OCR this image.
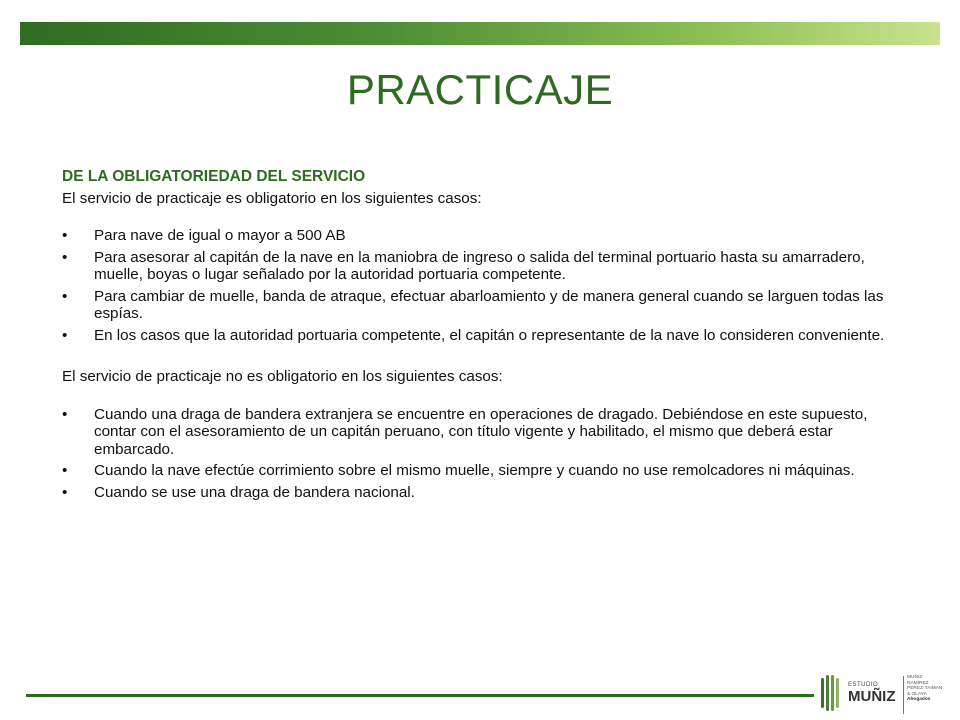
PRACTICAJE

DE LA OBLIGATORIEDAD DEL SERVICIO

El servicio de practicaje es obligatorio en los siguientes casos:

• Para nave de igual o mayor a 500 AB
• Para asesorar al capitán de la nave en la maniobra de ingreso o salida del terminal portuario hasta su amarradero, muelle, boyas o lugar señalado por la autoridad portuaria competente.
• Para cambiar de muelle, banda de atraque, efectuar abarloamiento y de manera general cuando se larguen todas las espías.
• En los casos que la autoridad portuaria competente, el capitán o representante de la nave lo consideren conveniente.

El servicio de practicaje no es obligatorio en los siguientes casos:

• Cuando una draga de bandera extranjera se encuentre en operaciones de dragado. Debiéndose en este supuesto, contar con el asesoramiento de un capitán peruano, con título vigente y habilitado, el mismo que deberá estar embarcado.
• Cuando la nave efectúe corrimiento sobre el mismo muelle, siempre y cuando no use remolcadores ni máquinas.
• Cuando se use una draga de bandera nacional.
ESTUDIO
MUÑIZ
MUÑIZ
RAMÍREZ
PÉREZ-TAIMAN
& OLAYA
Abogados
